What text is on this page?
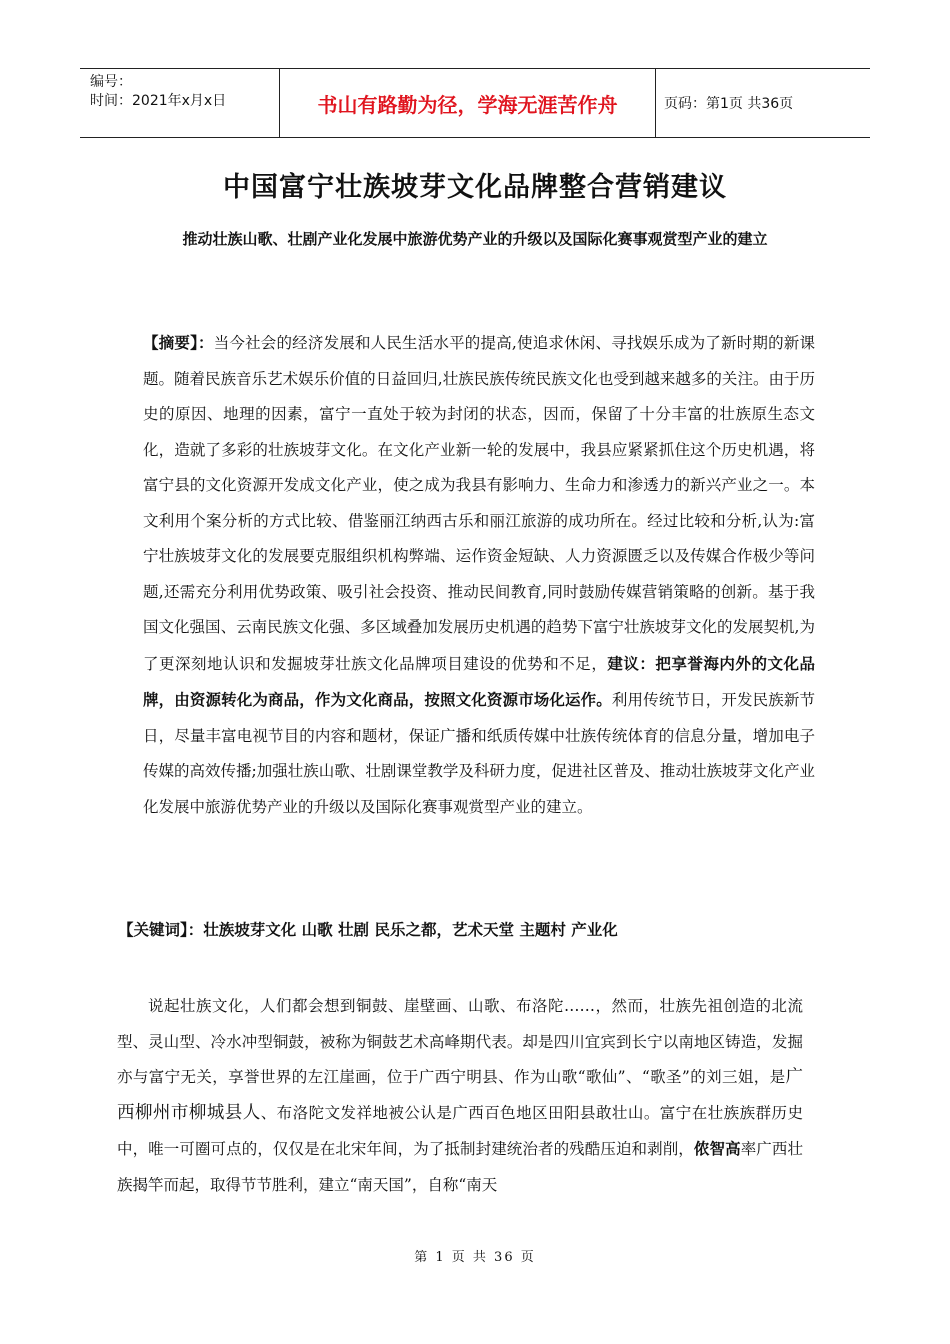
编号：
时间：2021年x月x日	书山有路勤为径，学海无涯苦作舟	页码：第1页 共36页
中国富宁壮族坡芽文化品牌整合营销建议
推动壮族山歌、壮剧产业化发展中旅游优势产业的升级以及国际化赛事观赏型产业的建立
【摘要】：当今社会的经济发展和人民生活水平的提高,使追求休闲、寻找娱乐成为了新时期的新课题。随着民族音乐艺术娱乐价值的日益回归,壮族民族传统民族文化也受到越来越多的关注。由于历史的原因、地理的因素，富宁一直处于较为封闭的状态，因而，保留了十分丰富的壮族原生态文化，造就了多彩的壮族坡芽文化。在文化产业新一轮的发展中，我县应紧紧抓住这个历史机遇，将富宁县的文化资源开发成文化产业，使之成为我县有影响力、生命力和渗透力的新兴产业之一。本文利用个案分析的方式比较、借鉴丽江纳西古乐和丽江旅游的成功所在。经过比较和分析,认为:富宁壮族坡芽文化的发展要克服组织机构弊端、运作资金短缺、人力资源匮乏以及传媒合作极少等问题,还需充分利用优势政策、吸引社会投资、推动民间教育,同时鼓励传媒营销策略的创新。基于我国文化强国、云南民族文化强、多区域叠加发展历史机遇的趋势下富宁壮族坡芽文化的发展契机,为了更深刻地认识和发掘坡芽壮族文化品牌项目建设的优势和不足，建议：把享誉海内外的文化品牌，由资源转化为商品，作为文化商品，按照文化资源市场化运作。利用传统节日，开发民族新节日，尽量丰富电视节目的内容和题材，保证广播和纸质传媒中壮族传统体育的信息分量，增加电子传媒的高效传播;加强壮族山歌、壮剧课堂教学及科研力度，促进社区普及、推动壮族坡芽文化产业化发展中旅游优势产业的升级以及国际化赛事观赏型产业的建立。
【关键词】：壮族坡芽文化 山歌 壮剧 民乐之都，艺术天堂 主题村 产业化
说起壮族文化，人们都会想到铜鼓、崖壁画、山歌、布洛陀……，然而，壮族先祖创造的北流型、灵山型、冷水冲型铜鼓，被称为铜鼓艺术高峰期代表。却是四川宜宾到长宁以南地区铸造，发掘亦与富宁无关，享誉世界的左江崖画，位于广西宁明县、作为山歌“歌仙”、“歌圣”的刘三姐，是广西柳州市柳城县人、布洛陀文发祥地被公认是广西百色地区田阳县敢壮山。富宁在壮族族群历史中，唯一可圈可点的，仅仅是在北宋年间，为了抵制封建统治者的残酷压迫和剥削，侬智高率广西壮族揭竿而起，取得节节胜利，建立“南天国”，自称“南天
第 1 页 共 36 页
